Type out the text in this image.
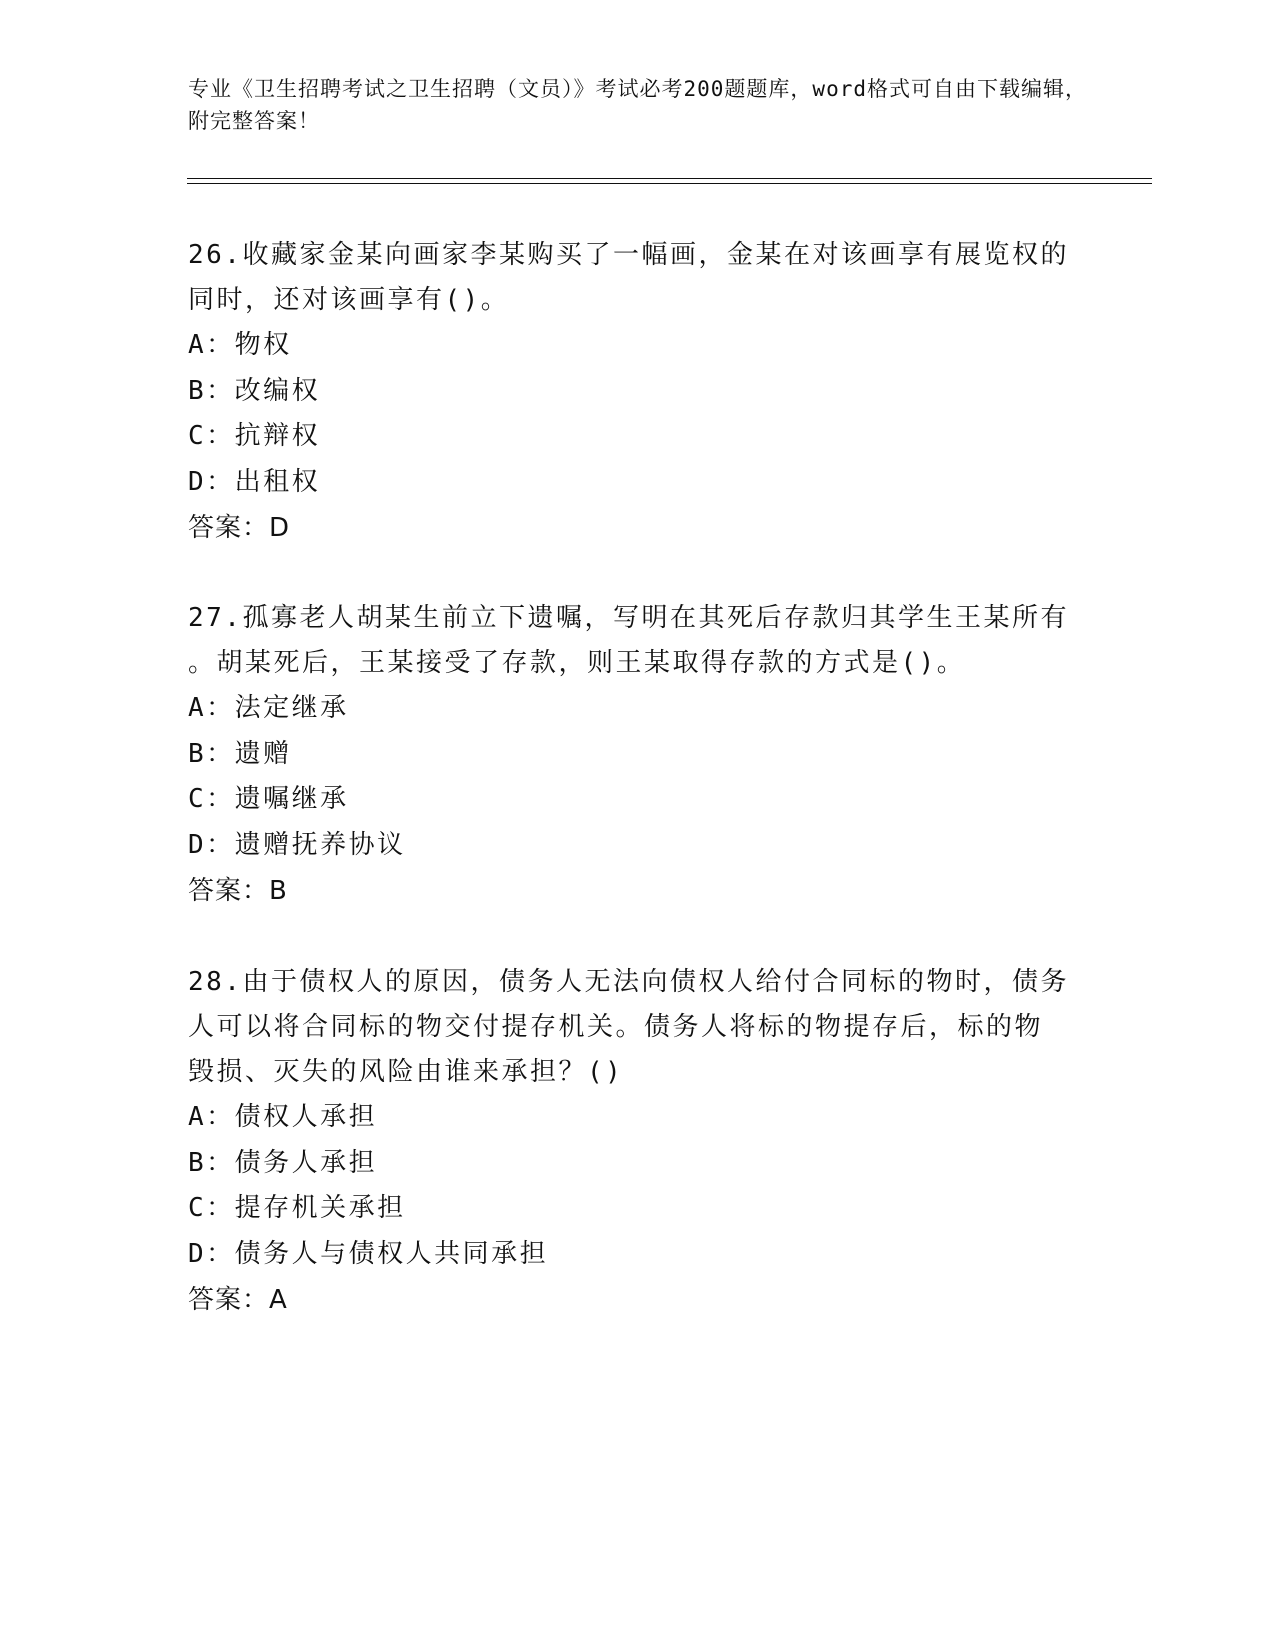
专业《卫生招聘考试之卫生招聘（文员）》考试必考200题题库，word格式可自由下载编辑，附完整答案！
26.收藏家金某向画家李某购买了一幅画，金某在对该画享有展览权的
同时，还对该画享有()。
A：物权
B：改编权
C：抗辩权
D：出租权
答案：D
27.孤寡老人胡某生前立下遗嘱，写明在其死后存款归其学生王某所有
。胡某死后，王某接受了存款，则王某取得存款的方式是()。
A：法定继承
B：遗赠
C：遗嘱继承
D：遗赠抚养协议
答案：B
28.由于债权人的原因，债务人无法向债权人给付合同标的物时，债务
人可以将合同标的物交付提存机关。债务人将标的物提存后，标的物
毁损、灭失的风险由谁来承担？()
A：债权人承担
B：债务人承担
C：提存机关承担
D：债务人与债权人共同承担
答案：A
